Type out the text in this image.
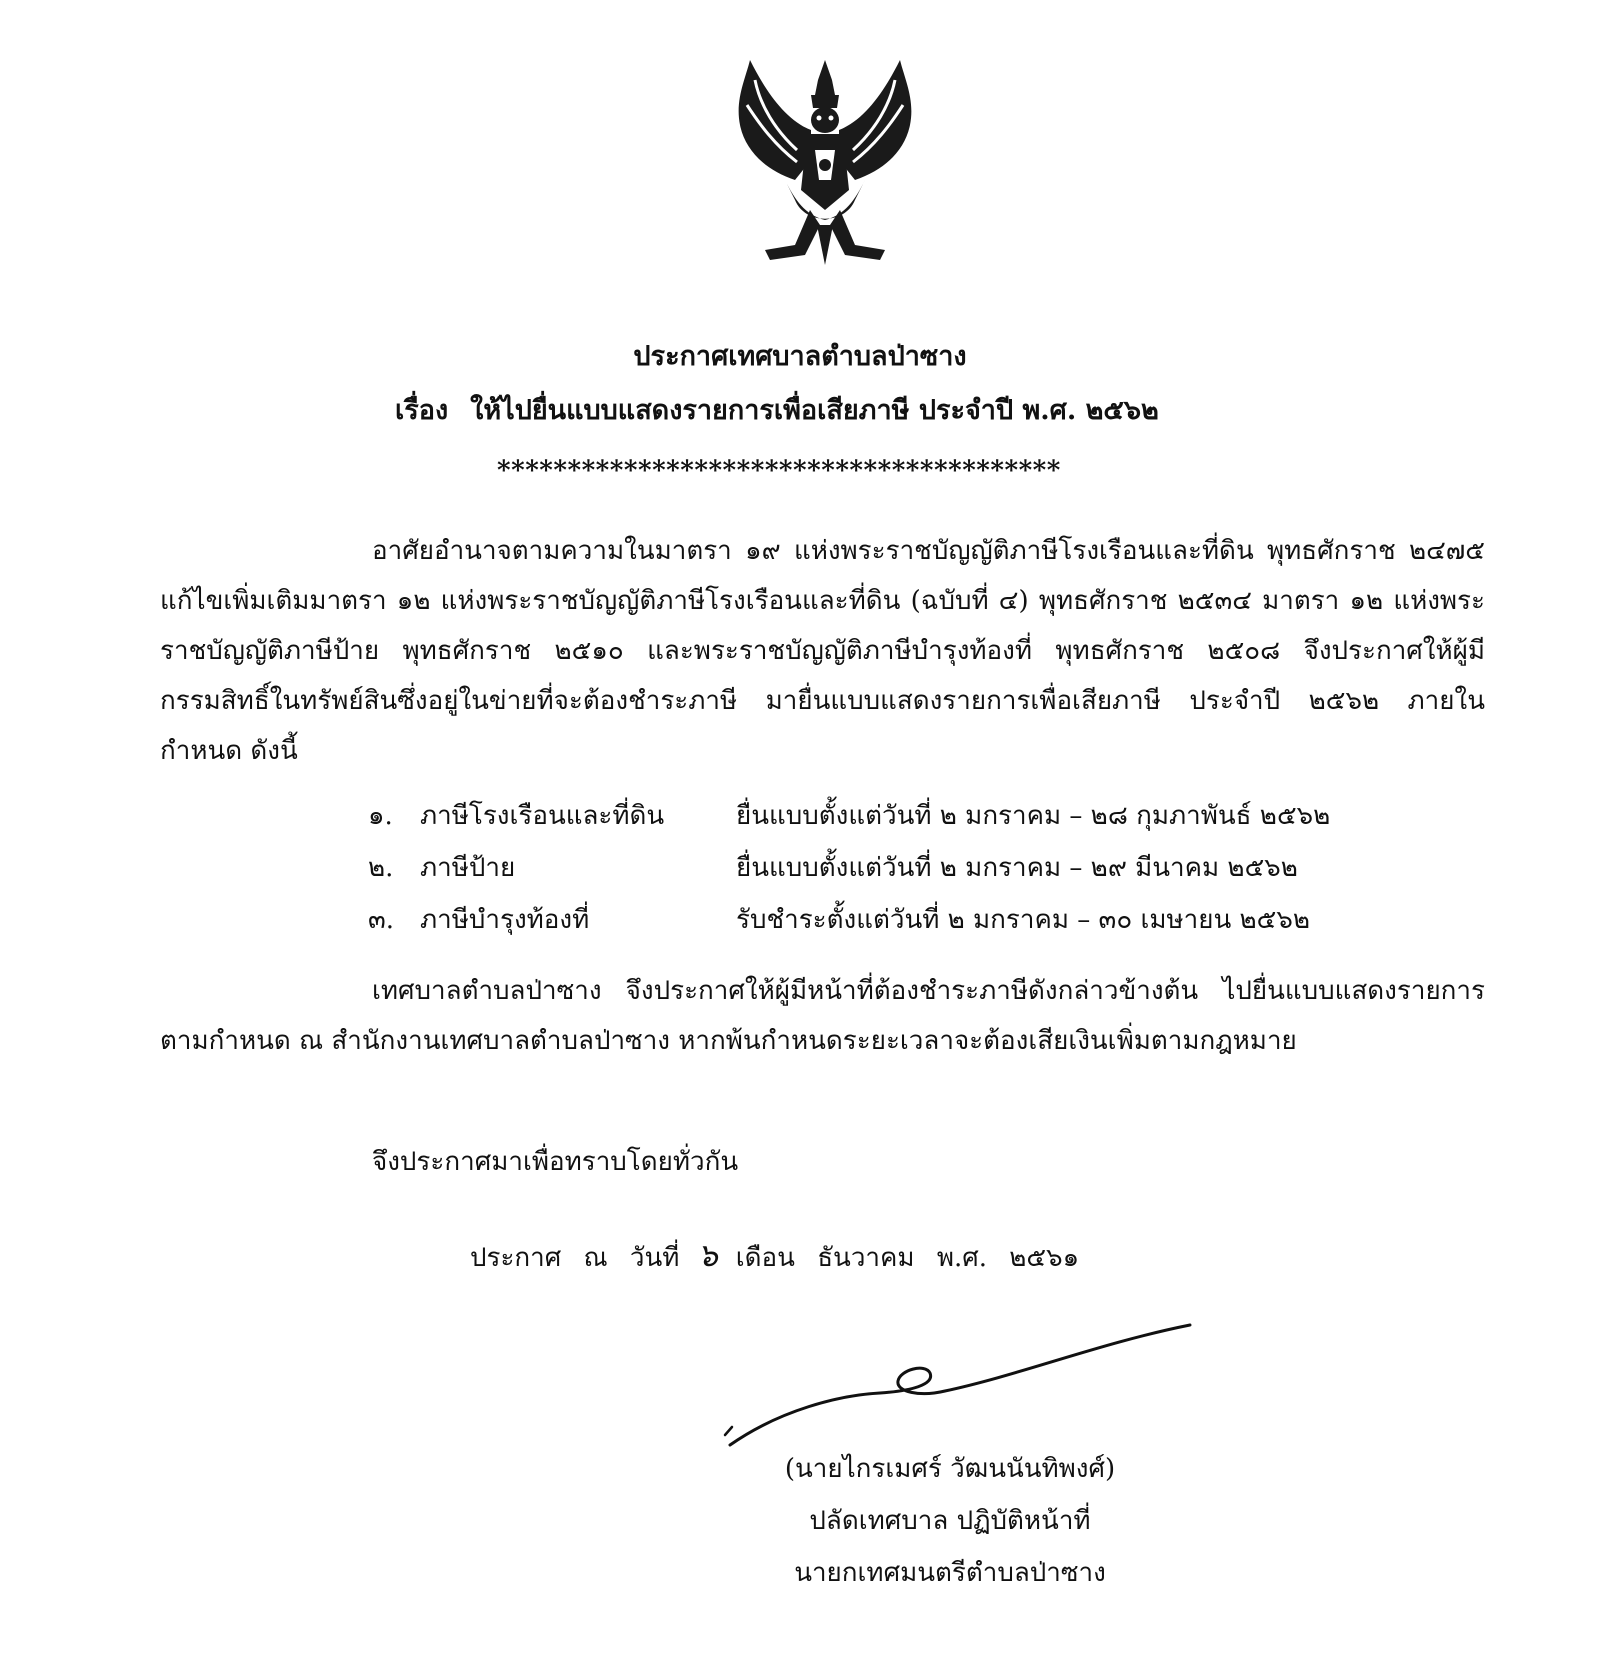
ประกาศเทศบาลตำบลป่าซาง
เรื่อง ให้ไปยื่นแบบแสดงรายการเพื่อเสียภาษี ประจำปี พ.ศ. ๒๕๖๒
****************************************

อาศัยอำนาจตามความในมาตรา ๑๙ แห่งพระราชบัญญัติภาษีโรงเรือนและที่ดิน พุทธศักราช ๒๔๗๕ แก้ไขเพิ่มเติมมาตรา ๑๒ แห่งพระราชบัญญัติภาษีโรงเรือนและที่ดิน (ฉบับที่ ๔) พุทธศักราช ๒๕๓๔ มาตรา ๑๒ แห่งพระราชบัญญัติภาษีป้าย พุทธศักราช ๒๕๑๐ และพระราชบัญญัติภาษีบำรุงท้องที่ พุทธศักราช ๒๕๐๘ จึงประกาศให้ผู้มีกรรมสิทธิ์ในทรัพย์สินซึ่งอยู่ในข่ายที่จะต้องชำระภาษี มายื่นแบบแสดงรายการเพื่อเสียภาษี ประจำปี ๒๕๖๒ ภายในกำหนด ดังนี้

๑. ภาษีโรงเรือนและที่ดิน	ยื่นแบบตั้งแต่วันที่ ๒ มกราคม – ๒๘ กุมภาพันธ์ ๒๕๖๒
๒. ภาษีป้าย	ยื่นแบบตั้งแต่วันที่ ๒ มกราคม – ๒๙ มีนาคม ๒๕๖๒
๓. ภาษีบำรุงท้องที่	รับชำระตั้งแต่วันที่ ๒ มกราคม – ๓๐ เมษายน ๒๕๖๒

เทศบาลตำบลป่าซาง จึงประกาศให้ผู้มีหน้าที่ต้องชำระภาษีดังกล่าวข้างต้น ไปยื่นแบบแสดงรายการตามกำหนด ณ สำนักงานเทศบาลตำบลป่าซาง หากพ้นกำหนดระยะเวลาจะต้องเสียเงินเพิ่มตามกฎหมาย

จึงประกาศมาเพื่อทราบโดยทั่วกัน
ประกาศ ณ วันที่ ๖ เดือน ธันวาคม พ.ศ. ๒๕๖๑
(นายไกรเมศร์ วัฒนนันทิพงศ์)
ปลัดเทศบาล ปฏิบัติหน้าที่
นายกเทศมนตรีตำบลป่าซาง
